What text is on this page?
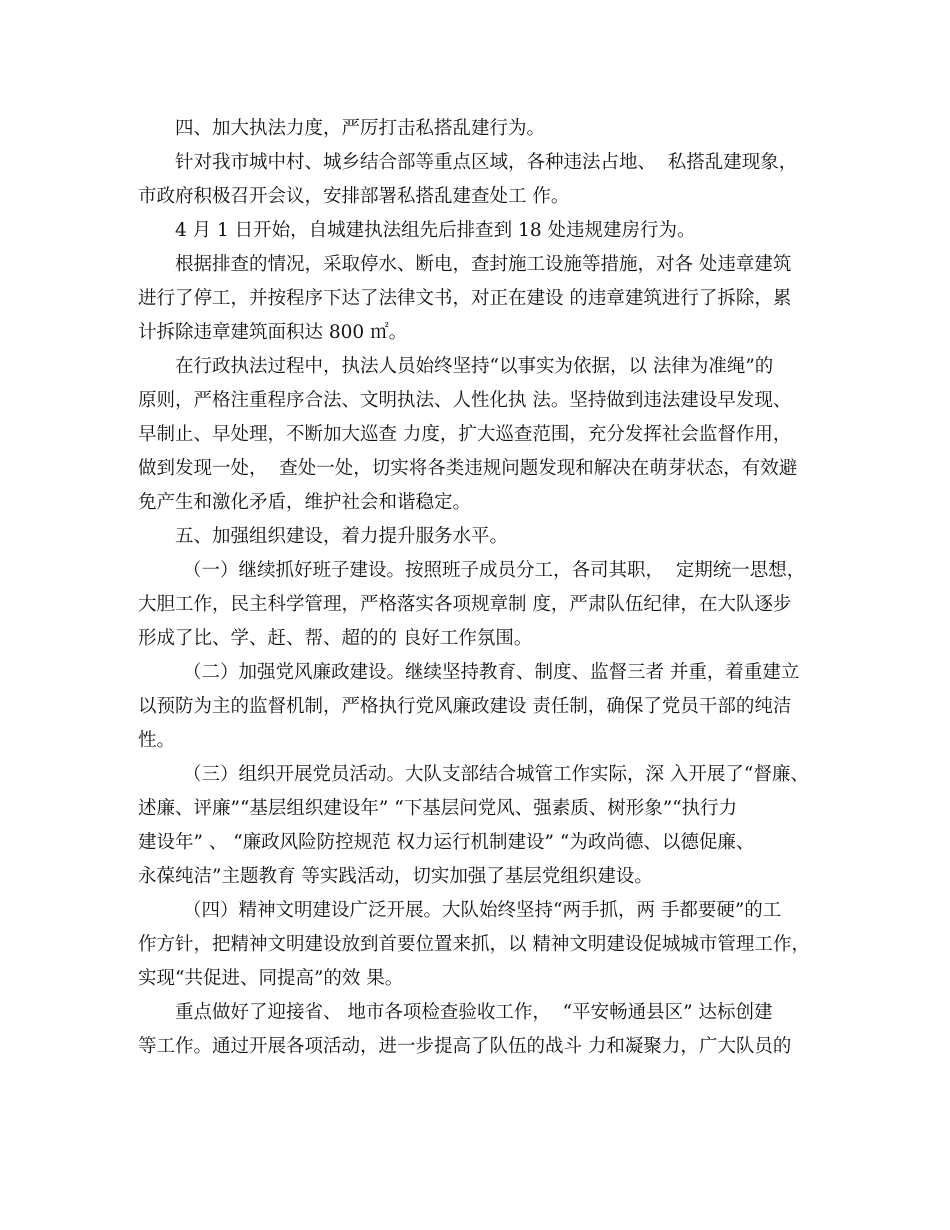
四、加大执法力度，严厉打击私搭乱建行为。

针对我市城中村、城乡结合部等重点区域，各种违法占地、  私搭乱建现象，
市政府积极召开会议，安排部署私搭乱建查处工 作。

4 月 1 日开始，自城建执法组先后排查到 18 处违规建房行为。

根据排查的情况，采取停水、断电，查封施工设施等措施，对各 处违章建筑
进行了停工，并按程序下达了法律文书，对正在建设 的违章建筑进行了拆除，累
计拆除违章建筑面积达 800 ㎡。

在行政执法过程中，执法人员始终坚持“以事实为依据，以 法律为准绳”的
原则，严格注重程序合法、文明执法、人性化执 法。坚持做到违法建设早发现、
早制止、早处理，不断加大巡查 力度，扩大巡查范围，充分发挥社会监督作用，
做到发现一处，  查处一处，切实将各类违规问题发现和解决在萌芽状态，有效避
免产生和激化矛盾，维护社会和谐稳定。

五、加强组织建设，着力提升服务水平。

（一）继续抓好班子建设。按照班子成员分工，各司其职，  定期统一思想，
大胆工作，民主科学管理，严格落实各项规章制 度，严肃队伍纪律，在大队逐步
形成了比、学、赶、帮、超的的 良好工作氛围。

（二）加强党风廉政建设。继续坚持教育、制度、监督三者 并重，着重建立
以预防为主的监督机制，严格执行党风廉政建设 责任制，确保了党员干部的纯洁
性。

（三）组织开展党员活动。大队支部结合城管工作实际，深 入开展了“督廉、
述廉、评廉”“基层组织建设年” “下基层问党风、强素质、树形象”“执行力
建设年” 、 “廉政风险防控规范 权力运行机制建设” “为政尚德、以德促廉、
永葆纯洁”主题教育 等实践活动，切实加强了基层党组织建设。

（四）精神文明建设广泛开展。大队始终坚持“两手抓，两 手都要硬”的工
作方针，把精神文明建设放到首要位置来抓，以 精神文明建设促城城市管理工作，
实现“共促进、同提高”的效 果。

重点做好了迎接省、 地市各项检查验收工作，  “平安畅通县区” 达标创建
等工作。通过开展各项活动，进一步提高了队伍的战斗 力和凝聚力，广大队员的
